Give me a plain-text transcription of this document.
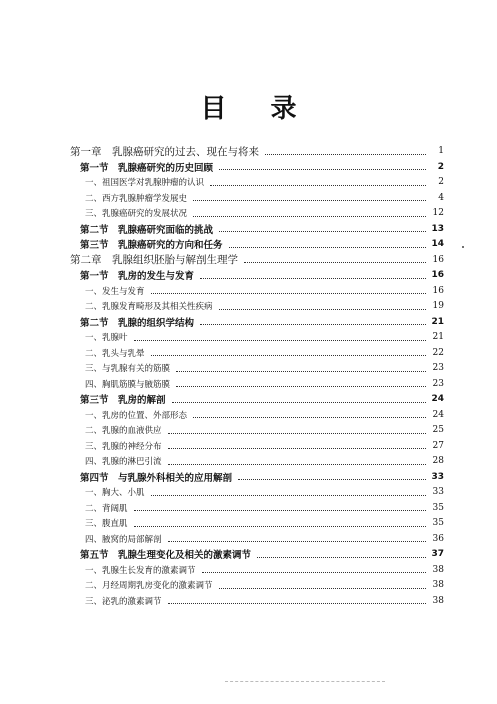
目 录
第一章　乳腺癌研究的过去、现在与将来	1
第一节　乳腺癌研究的历史回顾	2
一、祖国医学对乳腺肿瘤的认识	2
二、西方乳腺肿瘤学发展史	4
三、乳腺癌研究的发展状况	12
第二节　乳腺癌研究面临的挑战	13
第三节　乳腺癌研究的方向和任务	14
第二章　乳腺组织胚胎与解剖生理学	16
第一节　乳房的发生与发育	16
一、发生与发育	16
二、乳腺发育畸形及其相关性疾病	19
第二节　乳腺的组织学结构	21
一、乳腺叶	21
二、乳头与乳晕	22
三、与乳腺有关的筋膜	23
四、胸肌筋膜与腋筋膜	23
第三节　乳房的解剖	24
一、乳房的位置、外部形态	24
二、乳腺的血液供应	25
三、乳腺的神经分布	27
四、乳腺的淋巴引流	28
第四节　与乳腺外科相关的应用解剖	33
一、胸大、小肌	33
二、背阔肌	35
三、腹直肌	35
四、腋窝的局部解剖	36
第五节　乳腺生理变化及相关的激素调节	37
一、乳腺生长发育的激素调节	38
二、月经周期乳房变化的激素调节	38
三、泌乳的激素调节	38
